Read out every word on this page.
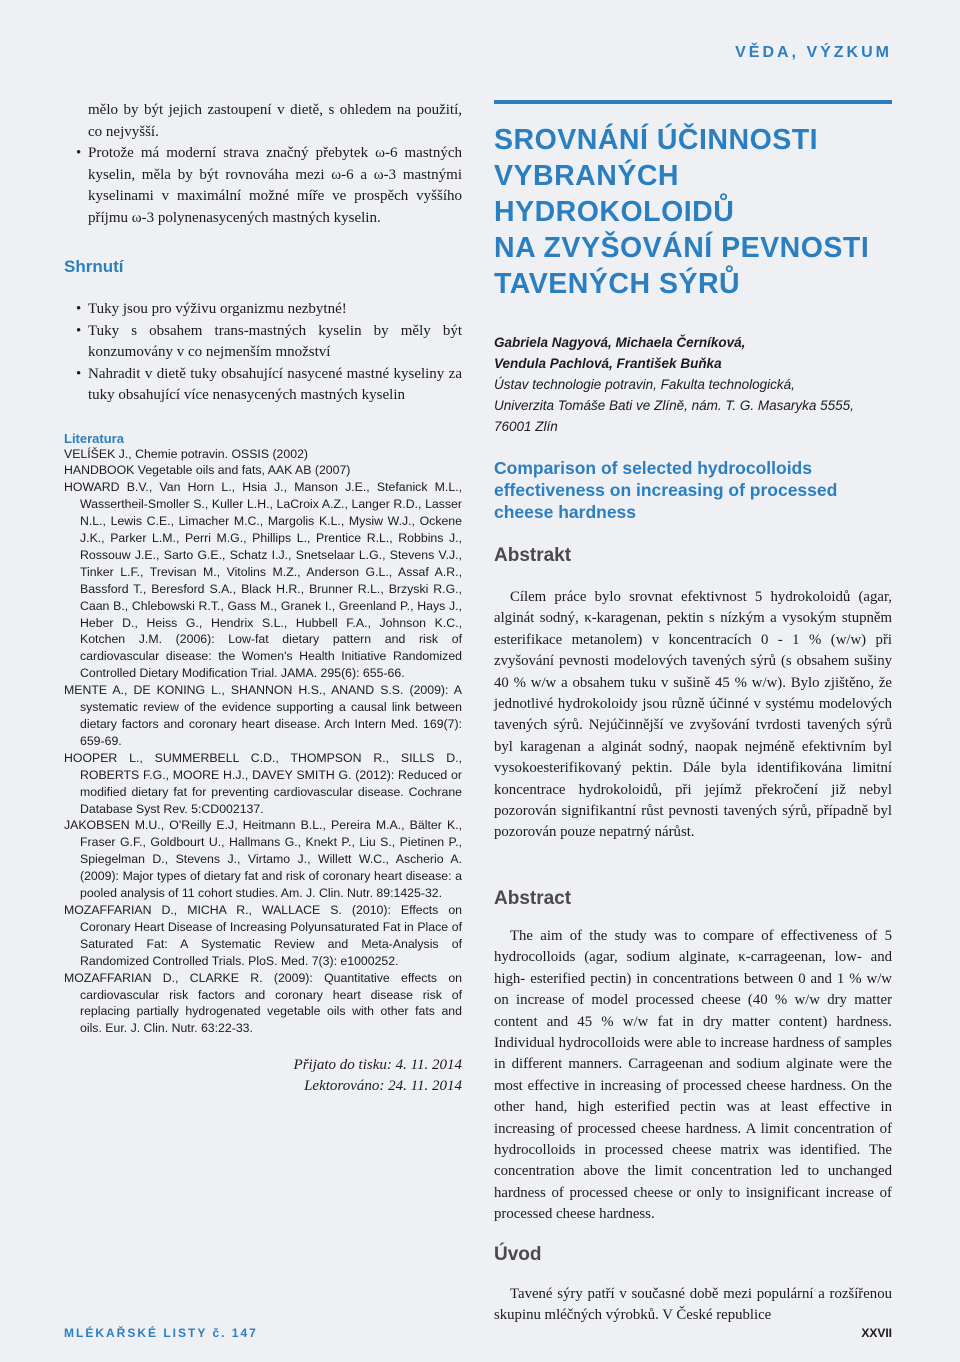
VĚDA, VÝZKUM

mělo by být jejich zastoupení v dietě, s ohledem na použití, co nejvyšší.

• Protože má moderní strava značný přebytek ω-6 mastných kyselin, měla by být rovnováha mezi ω-6 a ω-3 mastnými kyselinami v maximální možné míře ve prospěch vyššího příjmu ω-3 polynenasycených mastných kyselin.

Shrnutí

• Tuky jsou pro výživu organizmu nezbytné!

• Tuky s obsahem trans-mastných kyselin by měly být konzumovány v co nejmenším množství

• Nahradit v dietě tuky obsahující nasycené mastné kyseliny za tuky obsahující více nenasycených mastných kyselin

Literatura

VELÍŠEK J., Chemie potravin. OSSIS (2002)

HANDBOOK Vegetable oils and fats, AAK AB (2007)

HOWARD B.V., Van Horn L., Hsia J., Manson J.E., Stefanick M.L., Wassertheil-Smoller S., Kuller L.H., LaCroix A.Z., Langer R.D., Lasser N.L., Lewis C.E., Limacher M.C., Margolis K.L., Mysiw W.J., Ockene J.K., Parker L.M., Perri M.G., Phillips L., Prentice R.L., Robbins J., Rossouw J.E., Sarto G.E., Schatz I.J., Snetselaar L.G., Stevens V.J., Tinker L.F., Trevisan M., Vitolins M.Z., Anderson G.L., Assaf A.R., Bassford T., Beresford S.A., Black H.R., Brunner R.L., Brzyski R.G., Caan B., Chlebowski R.T., Gass M., Granek I., Greenland P., Hays J., Heber D., Heiss G., Hendrix S.L., Hubbell F.A., Johnson K.C., Kotchen J.M. (2006): Low-fat dietary pattern and risk of cardiovascular disease: the Women's Health Initiative Randomized Controlled Dietary Modification Trial. JAMA. 295(6): 655-66.

MENTE A., DE KONING L., SHANNON H.S., ANAND S.S. (2009): A systematic review of the evidence supporting a causal link between dietary factors and coronary heart disease. Arch Intern Med. 169(7): 659-69.

HOOPER L., SUMMERBELL C.D., THOMPSON R., SILLS D., ROBERTS F.G., MOORE H.J., DAVEY SMITH G. (2012): Reduced or modified dietary fat for preventing cardiovascular disease. Cochrane Database Syst Rev. 5:CD002137.

JAKOBSEN M.U., O'Reilly E.J, Heitmann B.L., Pereira M.A., Bälter K., Fraser G.F., Goldbourt U., Hallmans G., Knekt P., Liu S., Pietinen P., Spiegelman D., Stevens J., Virtamo J., Willett W.C., Ascherio A. (2009): Major types of dietary fat and risk of coronary heart disease: a pooled analysis of 11 cohort studies. Am. J. Clin. Nutr. 89:1425-32.

MOZAFFARIAN D., MICHA R., WALLACE S. (2010): Effects on Coronary Heart Disease of Increasing Polyunsaturated Fat in Place of Saturated Fat: A Systematic Review and Meta-Analysis of Randomized Controlled Trials. PloS. Med. 7(3): e1000252.

MOZAFFARIAN D., CLARKE R. (2009): Quantitative effects on cardiovascular risk factors and coronary heart disease risk of replacing partially hydrogenated vegetable oils with other fats and oils. Eur. J. Clin. Nutr. 63:22-33.

Přijato do tisku: 4. 11. 2014
Lektorováno: 24. 11. 2014
SROVNÁNÍ ÚČINNOSTI
VYBRANÝCH HYDROKOLOIDŮ
NA ZVYŠOVÁNÍ PEVNOSTI
TAVENÝCH SÝRŮ
Gabriela Nagyová, Michaela Černíková,
Vendula Pachlová, František Buňka
Ústav technologie potravin, Fakulta technologická,
Univerzita Tomáše Bati ve Zlíně, nám. T. G. Masaryka 5555,
76001 Zlín
Comparison of selected hydrocolloids effectiveness on increasing of processed cheese hardness
Abstrakt

Cílem práce bylo srovnat efektivnost 5 hydrokoloidů (agar, alginát sodný, κ-karagenan, pektin s nízkým a vysokým stupněm esterifikace metanolem) v koncentracích 0 - 1 % (w/w) při zvyšování pevnosti modelových tavených sýrů (s obsahem sušiny 40 % w/w a obsahem tuku v sušině 45 % w/w). Bylo zjištěno, že jednotlivé hydrokoloidy jsou různě účinné v systému modelových tavených sýrů. Nejúčinnější ve zvyšování tvrdosti tavených sýrů byl karagenan a alginát sodný, naopak nejméně efektivním byl vysokoesterifikovaný pektin. Dále byla identifikována limitní koncentrace hydrokoloidů, při jejímž překročení již nebyl pozorován signifikantní růst pevnosti tavených sýrů, případně byl pozorován pouze nepatrný nárůst.

Abstract

The aim of the study was to compare of effectiveness of 5 hydrocolloids (agar, sodium alginate, κ-carrageenan, low- and high- esterified pectin) in concentrations between 0 and 1 % w/w on increase of model processed cheese (40 % w/w dry matter content and 45 % w/w fat in dry matter content) hardness. Individual hydrocolloids were able to increase hardness of samples in different manners. Carrageenan and sodium alginate were the most effective in increasing of processed cheese hardness. On the other hand, high esterified pectin was at least effective in increasing of processed cheese hardness. A limit concentration of hydrocolloids in processed cheese matrix was identified. The concentration above the limit concentration led to unchanged hardness of processed cheese or only to insignificant increase of processed cheese hardness.

Úvod

Tavené sýry patří v současné době mezi populární a rozšířenou skupinu mléčných výrobků. V České republice

MLÉKAŘSKÉ LISTY č. 147	XXVII
